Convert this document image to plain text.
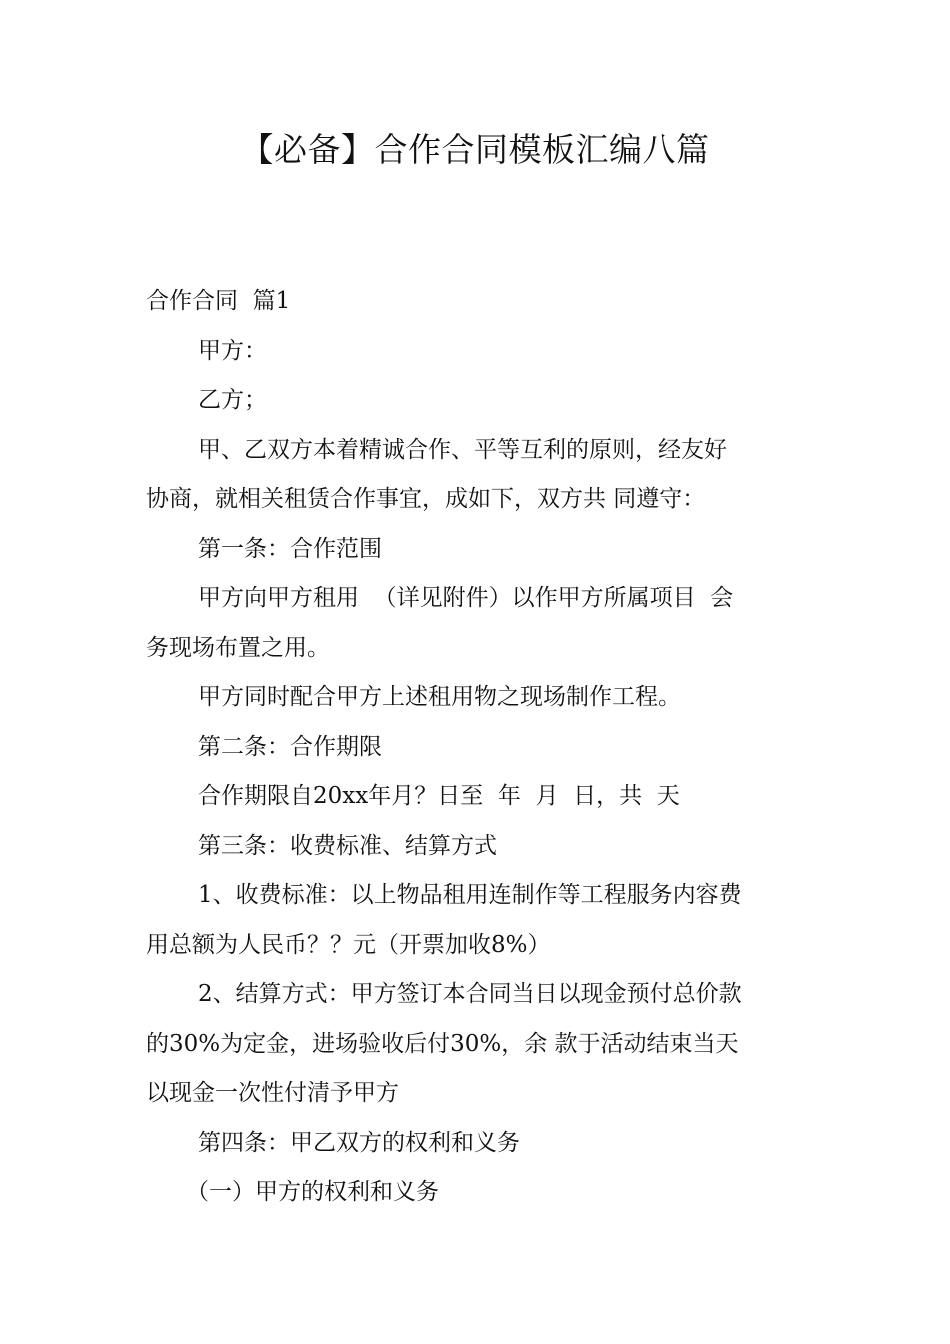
【必备】合作合同模板汇编八篇

合作合同  篇1

甲方：

乙方；

甲、乙双方本着精诚合作、平等互利的原则，经友好

协商，就相关租赁合作事宜，成如下，双方共 同遵守：

第一条：合作范围

甲方向甲方租用  （详见附件）以作甲方所属项目  会

务现场布置之用。

甲方同时配合甲方上述租用物之现场制作工程。

第二条：合作期限

合作期限自20xx年月？日至  年  月  日，共  天

第三条：收费标准、结算方式

1、收费标准：以上物品租用连制作等工程服务内容费

用总额为人民币？？元（开票加收8%）

2、结算方式：甲方签订本合同当日以现金预付总价款

的30%为定金，进场验收后付30%，余 款于活动结束当天

以现金一次性付清予甲方

第四条：甲乙双方的权利和义务

（一）甲方的权利和义务
